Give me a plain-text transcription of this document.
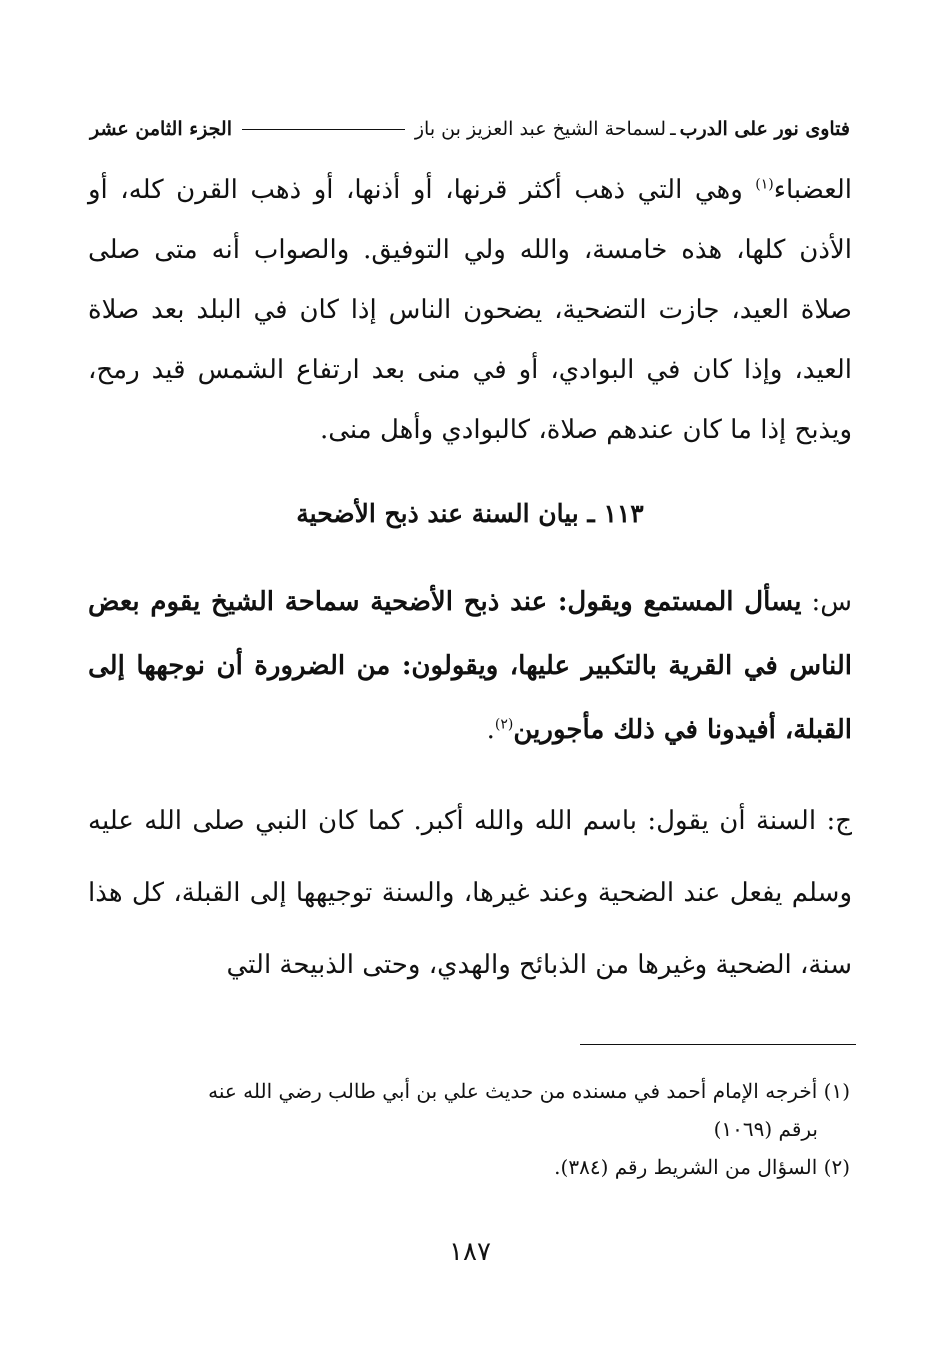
فتاوى نور على الدرب
ـ
لسماحة الشيخ عبد العزيز بن باز
الجزء الثامن عشر
العضباء$^{(١)}$ وهي التي ذهب أكثر قرنها، أو أذنها، أو ذهب القرن كله، أو الأذن كلها، هذه خامسة، والله ولي التوفيق. والصواب أنه متى صلى صلاة العيد، جازت التضحية، يضحون الناس إذا كان في البلد بعد صلاة العيد، وإذا كان في البوادي، أو في منى بعد ارتفاع الشمس قيد رمح، ويذبح إذا ما كان عندهم صلاة، كالبوادي وأهل منى.
١١٣ ـ بيان السنة عند ذبح الأضحية
س: يسأل المستمع ويقول: عند ذبح الأضحية سماحة الشيخ يقوم بعض الناس في القرية بالتكبير عليها، ويقولون: من الضرورة أن نوجهها إلى القبلة، أفيدونا في ذلك مأجورين$^{(٢)}$.
ج: السنة أن يقول: باسم الله والله أكبر. كما كان النبي صلى الله عليه وسلم يفعل عند الضحية وعند غيرها، والسنة توجيهها إلى القبلة، كل هذا سنة، الضحية وغيرها من الذبائح والهدي، وحتى الذبيحة التي

(١) أخرجه الإمام أحمد في مسنده من حديث علي بن أبي طالب رضي الله عنه
برقم (١٠٦٩)

(٢) السؤال من الشريط رقم (٣٨٤).

١٨٧
